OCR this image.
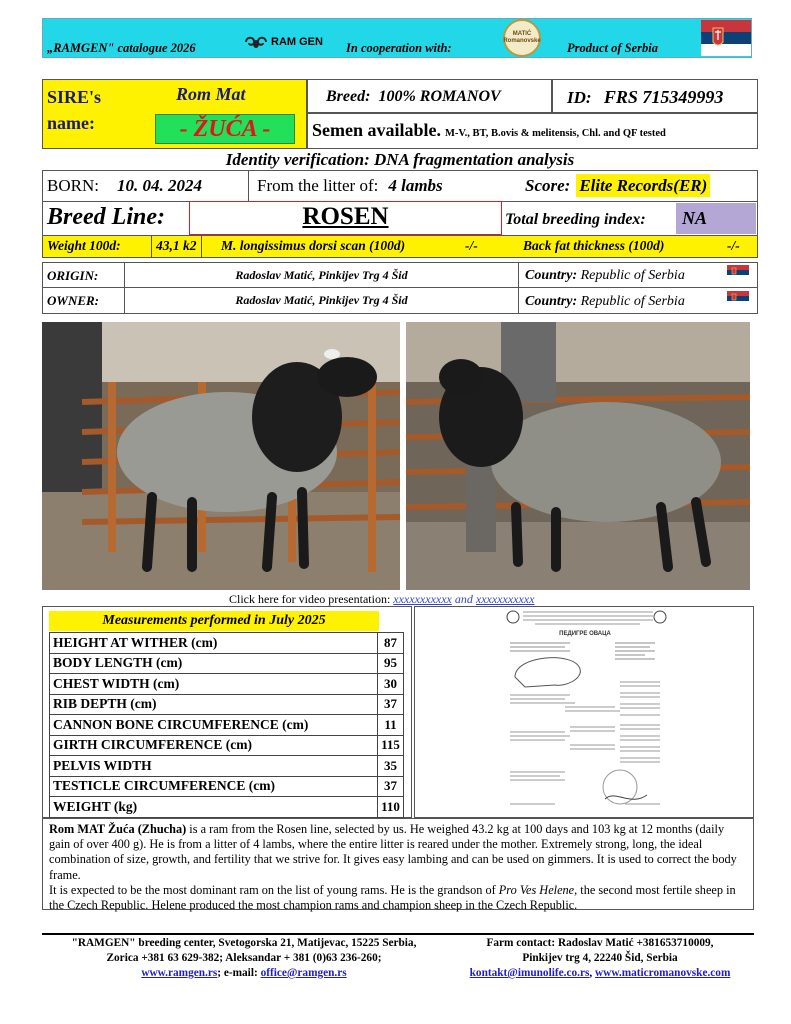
„RAMGEN" catalogue 2026	RAM GEN In cooperation with:
MATIĆ Romanovske Product of Serbia
SIRE's
name:
Rom Mat
- ŽUĆA -
Breed: 100% ROMANOV	ID: FRS 715349993
Semen available. M-V., BT, B.ovis & melitensis, Chl. and QF tested
Identity verification: DNA fragmentation analysis
BORN: 10. 04. 2024	From the litter of: 4 lambs	Score: Elite Records(ER)
Breed Line:	ROSEN	Total breeding index:	NA
Weight 100d:	43,1 k2	M. longissimus dorsi scan (100d)	-/-	Back fat thickness (100d)	-/-
ORIGIN:	Radoslav Matić, Pinkijev Trg 4 Šid	Country: Republic of Serbia
OWNER:	Radoslav Matić, Pinkijev Trg 4 Šid	Country: Republic of Serbia
Click here for video presentation: xxxxxxxxxxx and xxxxxxxxxxx
Measurements performed in July 2025
HEIGHT AT WITHER (cm)	87
BODY LENGTH (cm)	95
CHEST WIDTH (cm)	30
RIB DEPTH (cm)	37
CANNON BONE CIRCUMFERENCE (cm)	11
GIRTH CIRCUMFERENCE (cm)	115
PELVIS WIDTH	35
TESTICLE CIRCUMFERENCE (cm)	37
WEIGHT (kg)	110
ПЕДИГРЕ ОВАЦА

Rom MAT Žuća (Zhucha) is a ram from the Rosen line, selected by us. He weighed 43.2 kg at 100 days and 103 kg at 12 months (daily gain of over 400 g). He is from a litter of 4 lambs, where the entire litter is reared under the mother. Extremely strong, long, the ideal combination of size, growth, and fertility that we strive for. It gives easy lambing and can be used on gimmers. It is used to correct the body frame.

It is expected to be the most dominant ram on the list of young rams. He is the grandson of Pro Ves Helene, the second most fertile sheep in the Czech Republic. Helene produced the most champion rams and champion sheep in the Czech Republic.

"RAMGEN" breeding center, Svetogorska 21, Matijevac, 15225 Serbia,
Zorica +381 63 629-382; Aleksandar + 381 (0)63 236-260;
www.ramgen.rs; e-mail: office@ramgen.rs
Farm contact: Radoslav Matić +381653710009,
Pinkijev trg 4, 22240 Šid, Serbia
kontakt@imunolife.co.rs, www.maticromanovske.com
